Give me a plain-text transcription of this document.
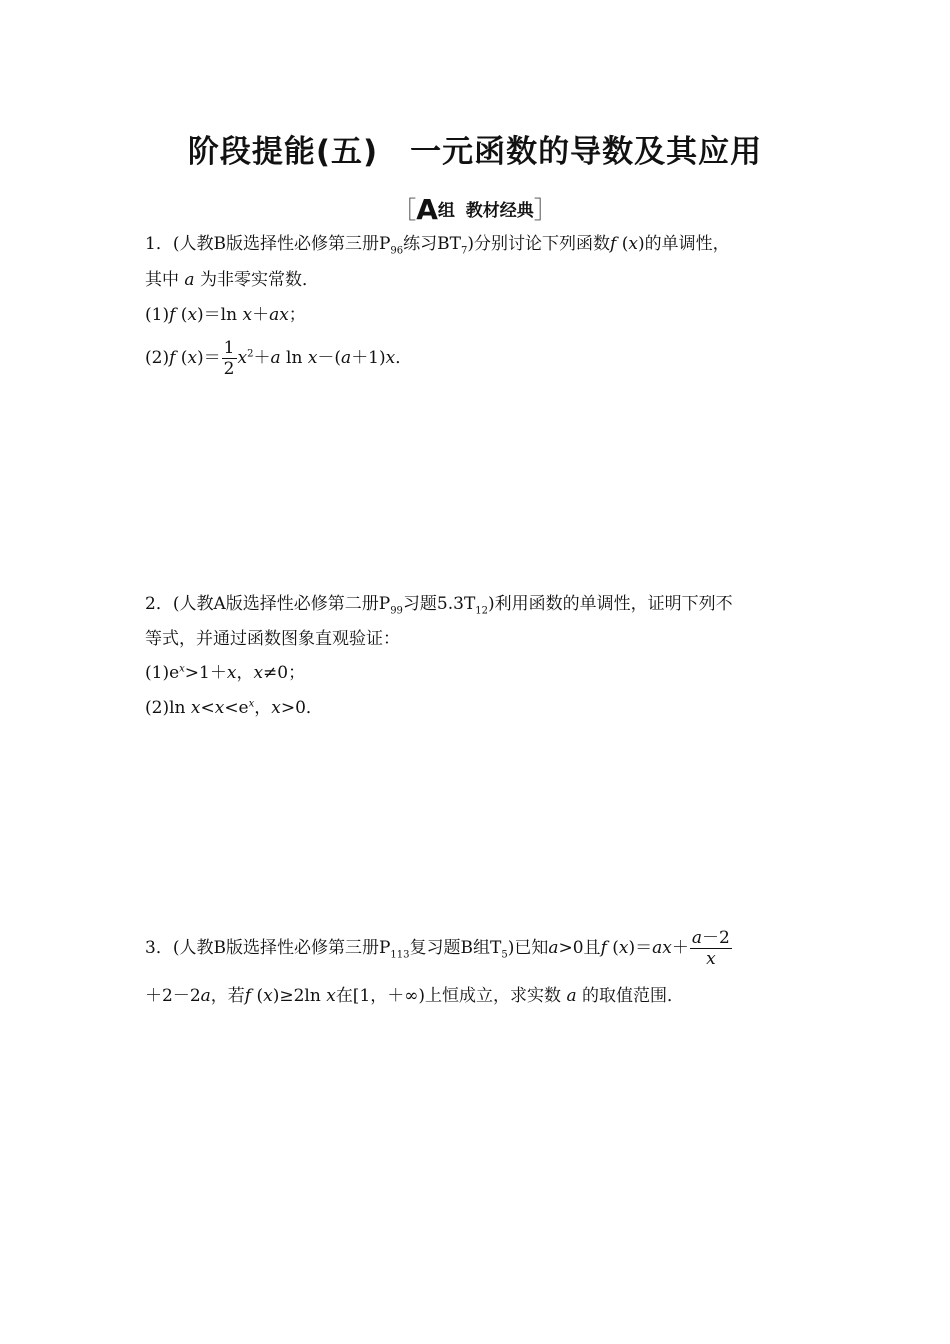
阶段提能(五)　一元函数的导数及其应用
［A组 教材经典］
1．(人教B版选择性必修第三册$P_{96}$练习$BT_7$)分别讨论下列函数f (x)的单调性，
其中 a 为非零实常数．
(1)f (x)＝ln x＋ax；
(2)f $(x)= \frac{1}{2} x^2+a$ ln x－(a＋1)x．
2．(人教A版选择性必修第二册$P_{99}$习题$5.3T_{12}$)利用函数的单调性，证明下列不
等式，并通过函数图象直观验证：
$(1)e^x>1+x$，x≠0；
(2)ln $x<x<e^x$，x>0．
3．(人教B版选择性必修第三册$P_{113}$复习题B组$T_5$)已知a>0且f $(x)=ax+ \frac{a-2}{x}$
＋2－2a，若f (x)≥2ln x在[1，＋∞)上恒成立，求实数 a 的取值范围．
